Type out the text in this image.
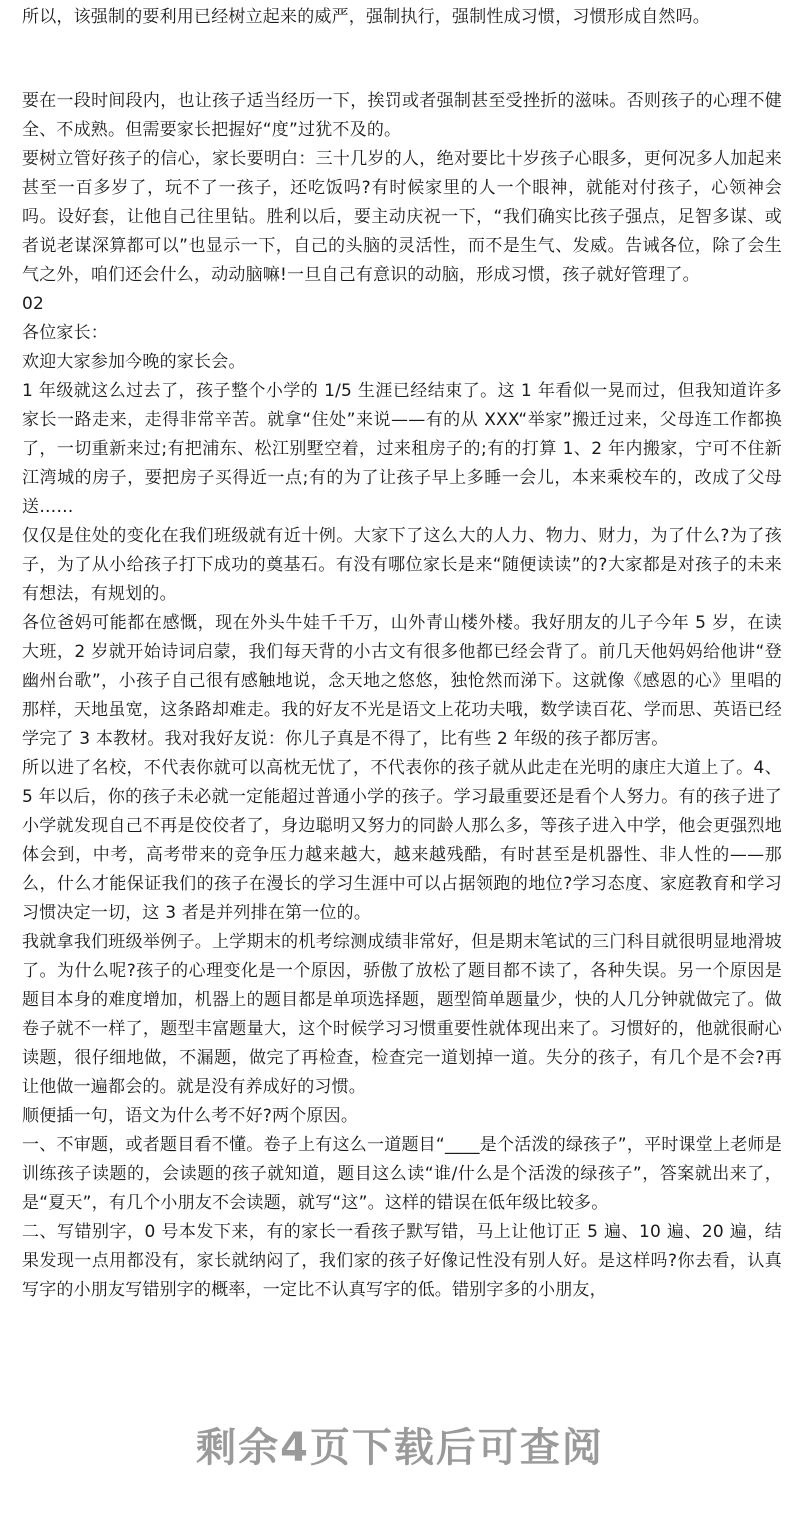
所以，该强制的要利用已经树立起来的威严，强制执行，强制性成习惯，习惯形成自然吗。

要在一段时间段内，也让孩子适当经历一下，挨罚或者强制甚至受挫折的滋味。否则孩子的心理不健全、不成熟。但需要家长把握好“度”过犹不及的。

要树立管好孩子的信心，家长要明白：三十几岁的人，绝对要比十岁孩子心眼多，更何况多人加起来甚至一百多岁了，玩不了一孩子，还吃饭吗?有时候家里的人一个眼神，就能对付孩子，心领神会吗。设好套，让他自己往里钻。胜利以后，要主动庆祝一下，“我们确实比孩子强点，足智多谋、或者说老谋深算都可以”也显示一下，自己的头脑的灵活性，而不是生气、发威。告诫各位，除了会生气之外，咱们还会什么，动动脑嘛!一旦自己有意识的动脑，形成习惯，孩子就好管理了。

02

各位家长：

欢迎大家参加今晚的家长会。

1 年级就这么过去了，孩子整个小学的 1/5 生涯已经结束了。这 1 年看似一晃而过，但我知道许多家长一路走来，走得非常辛苦。就拿“住处”来说——有的从 XXX“举家”搬迁过来，父母连工作都换了，一切重新来过;有把浦东、松江别墅空着，过来租房子的;有的打算 1、2 年内搬家，宁可不住新江湾城的房子，要把房子买得近一点;有的为了让孩子早上多睡一会儿，本来乘校车的，改成了父母送……

仅仅是住处的变化在我们班级就有近十例。大家下了这么大的人力、物力、财力，为了什么?为了孩子，为了从小给孩子打下成功的奠基石。有没有哪位家长是来“随便读读”的?大家都是对孩子的未来有想法，有规划的。

各位爸妈可能都在感慨，现在外头牛娃千千万，山外青山楼外楼。我好朋友的儿子今年 5 岁，在读大班，2 岁就开始诗词启蒙，我们每天背的小古文有很多他都已经会背了。前几天他妈妈给他讲“登幽州台歌”，小孩子自己很有感触地说，念天地之悠悠，独怆然而涕下。这就像《感恩的心》里唱的那样，天地虽宽，这条路却难走。我的好友不光是语文上花功夫哦，数学读百花、学而思、英语已经学完了 3 本教材。我对我好友说：你儿子真是不得了，比有些 2 年级的孩子都厉害。

所以进了名校，不代表你就可以高枕无忧了，不代表你的孩子就从此走在光明的康庄大道上了。4、5 年以后，你的孩子未必就一定能超过普通小学的孩子。学习最重要还是看个人努力。有的孩子进了小学就发现自己不再是佼佼者了，身边聪明又努力的同龄人那么多，等孩子进入中学，他会更强烈地体会到，中考，高考带来的竞争压力越来越大，越来越残酷，有时甚至是机器性、非人性的——那么，什么才能保证我们的孩子在漫长的学习生涯中可以占据领跑的地位?学习态度、家庭教育和学习习惯决定一切，这 3 者是并列排在第一位的。

我就拿我们班级举例子。上学期末的机考综测成绩非常好，但是期末笔试的三门科目就很明显地滑坡了。为什么呢?孩子的心理变化是一个原因，骄傲了放松了题目都不读了，各种失误。另一个原因是题目本身的难度增加，机器上的题目都是单项选择题，题型简单题量少，快的人几分钟就做完了。做卷子就不一样了，题型丰富题量大，这个时候学习习惯重要性就体现出来了。习惯好的，他就很耐心读题，很仔细地做，不漏题，做完了再检查，检查完一道划掉一道。失分的孩子，有几个是不会?再让他做一遍都会的。就是没有养成好的习惯。

顺便插一句，语文为什么考不好?两个原因。

一、不审题，或者题目看不懂。卷子上有这么一道题目“____是个活泼的绿孩子”，平时课堂上老师是训练孩子读题的，会读题的孩子就知道，题目这么读“谁/什么是个活泼的绿孩子”，答案就出来了，是“夏天”，有几个小朋友不会读题，就写“这”。这样的错误在低年级比较多。

二、写错别字，0 号本发下来，有的家长一看孩子默写错，马上让他订正 5 遍、10 遍、20 遍，结果发现一点用都没有，家长就纳闷了，我们家的孩子好像记性没有别人好。是这样吗?你去看，认真写字的小朋友写错别字的概率，一定比不认真写字的低。错别字多的小朋友，

剩余4页下载后可查阅
